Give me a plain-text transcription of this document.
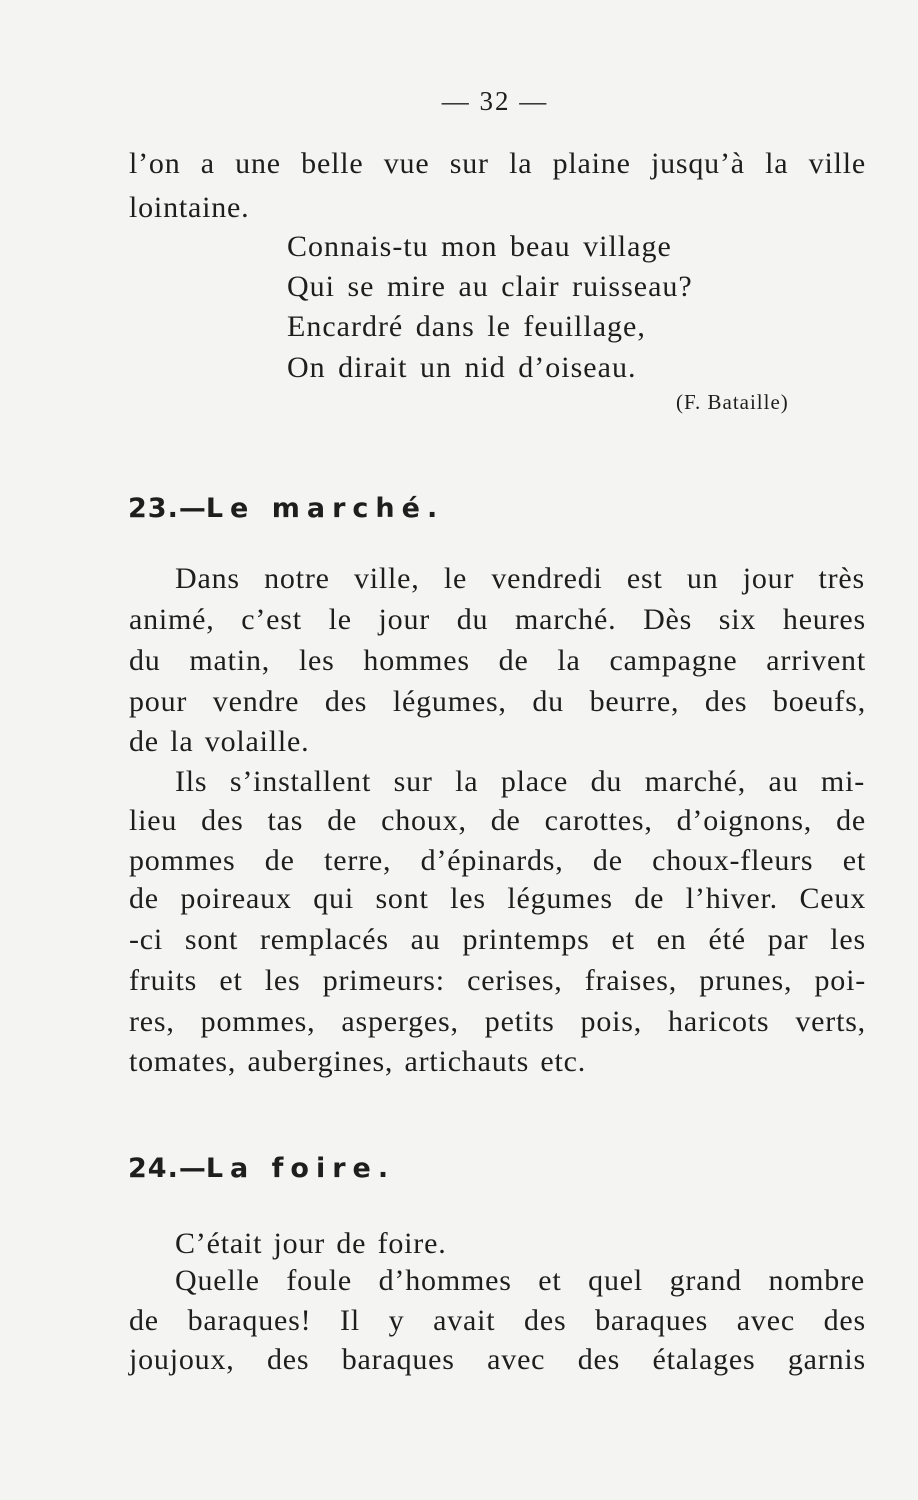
— 32 —
l’on a une belle vue sur la plaine jusqu’à la ville
lointaine.
Connais-tu mon beau village
Qui se mire au clair ruisseau?
Encardré dans le feuillage,
On dirait un nid d’oiseau.
(F. Bataille)
23.—Le marché.
Dans notre ville, le vendredi est un jour très
animé, c’est le jour du marché. Dès six heures
du matin, les hommes de la campagne arrivent
pour vendre des légumes, du beurre, des boeufs,
de la volaille.
Ils s’installent sur la place du marché, au mi-
lieu des tas de choux, de carottes, d’oignons, de
pommes de terre, d’épinards, de choux-fleurs et
de poireaux qui sont les légumes de l’hiver. Ceux
-ci sont remplacés au printemps et en été par les
fruits et les primeurs: cerises, fraises, prunes, poi-
res, pommes, asperges, petits pois, haricots verts,
tomates, aubergines, artichauts etc.
24.—La foire.
C’était jour de foire.
Quelle foule d’hommes et quel grand nombre
de baraques! Il y avait des baraques avec des
joujoux, des baraques avec des étalages garnis
